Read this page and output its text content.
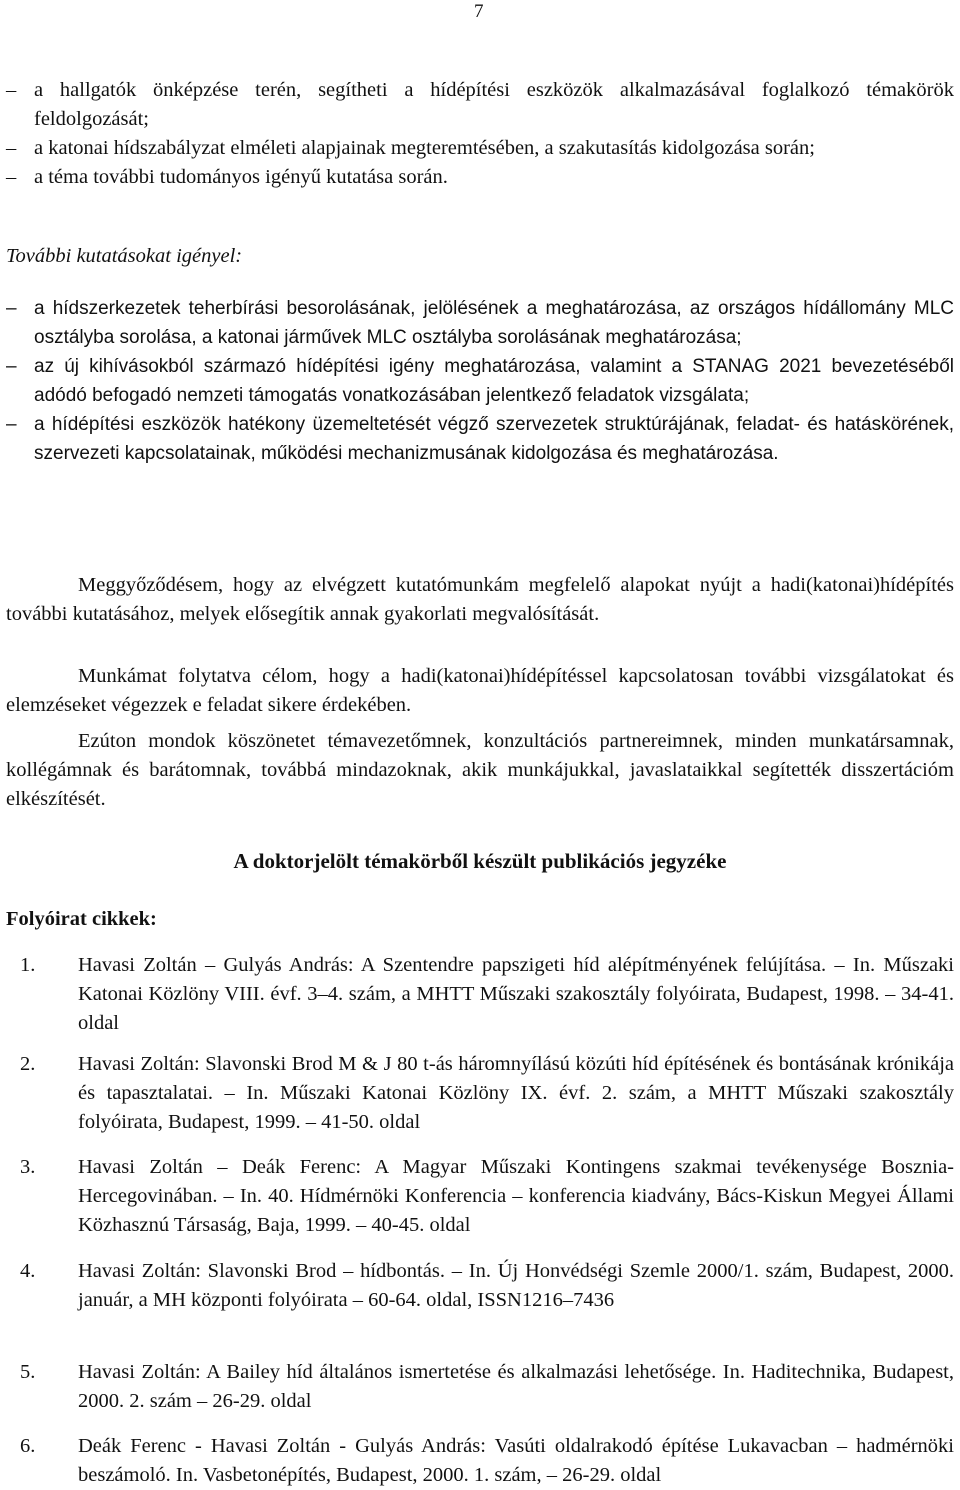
7
– a hallgatók önképzése terén, segítheti a hídépítési eszközök alkalmazásával foglalkozó témakörök feldolgozását;
– a katonai hídszabályzat elméleti alapjainak megteremtésében, a szakutasítás kidolgozása során;
– a téma további tudományos igényű kutatása során.

További kutatásokat igényel:

– a hídszerkezetek teherbírási besorolásának, jelölésének a meghatározása, az országos hídállomány MLC osztályba sorolása, a katonai járművek MLC osztályba sorolásának meghatározása;
– az új kihívásokból származó hídépítési igény meghatározása, valamint a STANAG 2021 bevezetéséből adódó befogadó nemzeti támogatás vonatkozásában jelentkező feladatok vizsgálata;
– a hídépítési eszközök hatékony üzemeltetését végző szervezetek struktúrájának, feladat- és hatáskörének, szervezeti kapcsolatainak, működési mechanizmusának kidolgozása és meghatározása.

Meggyőződésem, hogy az elvégzett kutatómunkám megfelelő alapokat nyújt a hadi(katonai)hídépítés további kutatásához, melyek elősegítik annak gyakorlati megvalósítását.

Munkámat folytatva célom, hogy a hadi(katonai)hídépítéssel kapcsolatosan további vizsgálatokat és elemzéseket végezzek e feladat sikere érdekében.

Ezúton mondok köszönetet témavezetőmnek, konzultációs partnereimnek, minden munkatársamnak, kollégámnak és barátomnak, továbbá mindazoknak, akik munkájukkal, javaslataikkal segítették disszertációm elkészítését.

A doktorjelölt témakörből készült publikációs jegyzéke

Folyóirat cikkek:

1. Havasi Zoltán – Gulyás András: A Szentendre papszigeti híd alépítményének felújítása. – In. Műszaki Katonai Közlöny VIII. évf. 3–4. szám, a MHTT Műszaki szakosztály folyóirata, Budapest, 1998. – 34-41. oldal
2. Havasi Zoltán: Slavonski Brod M & J 80 t-ás háromnyílású közúti híd építésének és bontásának krónikája és tapasztalatai. – In. Műszaki Katonai Közlöny IX. évf. 2. szám, a MHTT Műszaki szakosztály folyóirata, Budapest, 1999. – 41-50. oldal
3. Havasi Zoltán – Deák Ferenc: A Magyar Műszaki Kontingens szakmai tevékenysége Bosznia-Hercegovinában. – In. 40. Hídmérnöki Konferencia – konferencia kiadvány, Bács-Kiskun Megyei Állami Közhasznú Társaság, Baja, 1999. – 40-45. oldal
4. Havasi Zoltán: Slavonski Brod – hídbontás. – In. Új Honvédségi Szemle 2000/1. szám, Budapest, 2000. január, a MH központi folyóirata – 60-64. oldal, ISSN1216–7436
5. Havasi Zoltán: A Bailey híd általános ismertetése és alkalmazási lehetősége. In. Haditechnika, Budapest, 2000. 2. szám – 26-29. oldal
6. Deák Ferenc - Havasi Zoltán - Gulyás András: Vasúti oldalrakodó építése Lukavacban – hadmérnöki beszámoló. In. Vasbetonépítés, Budapest, 2000. 1. szám, – 26-29. oldal
